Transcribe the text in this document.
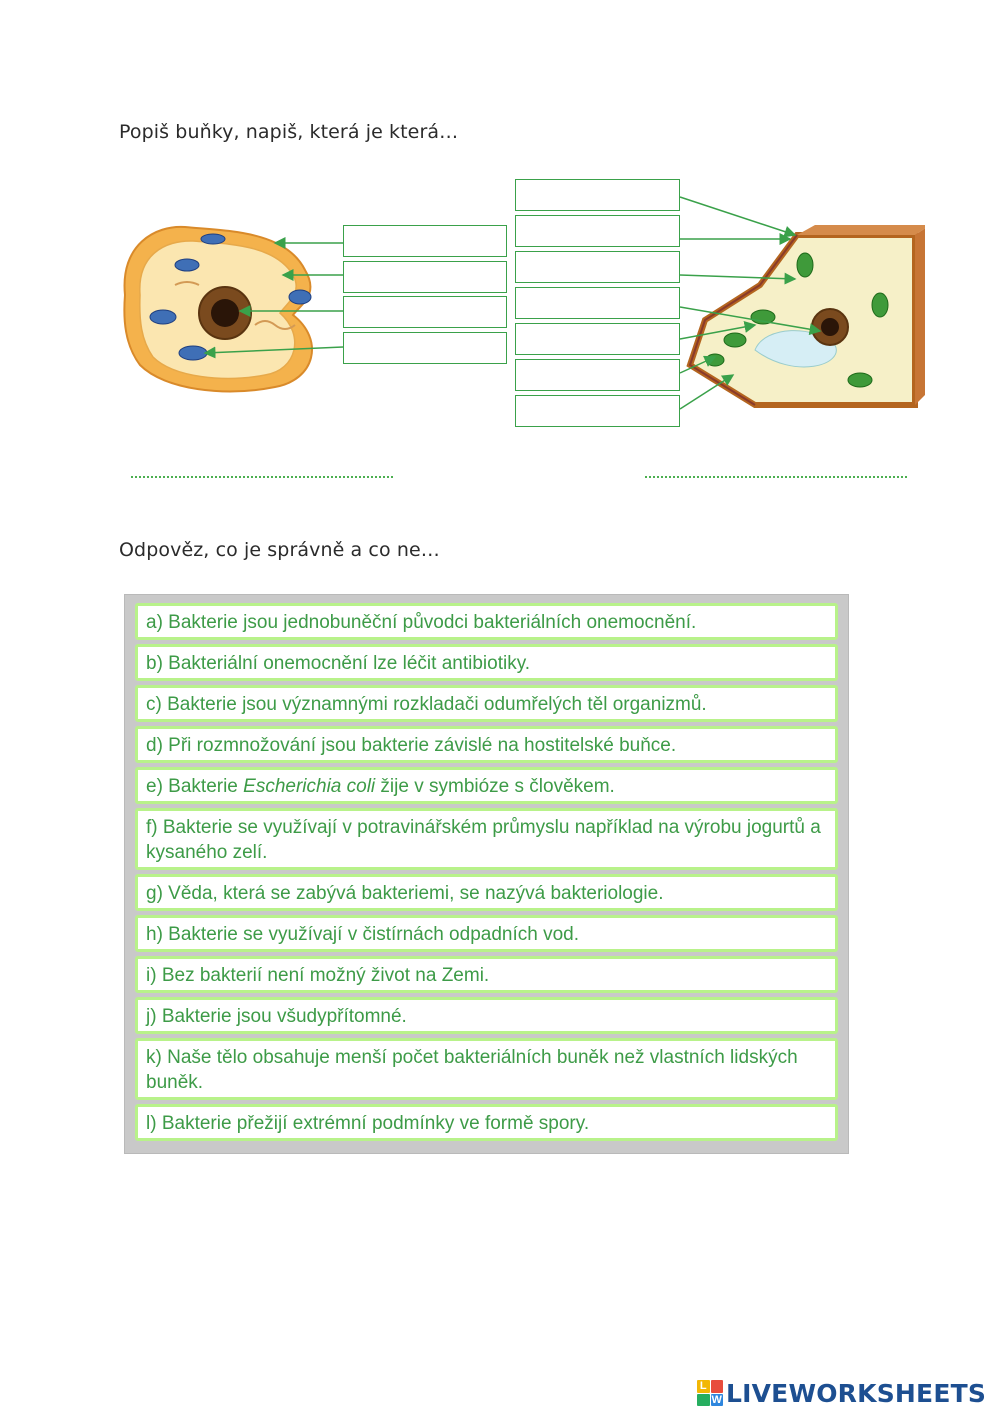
Popiš buňky, napiš, která je která…
Odpověz, co je správně a co ne…
a) Bakterie jsou jednobuněční původci bakteriálních onemocnění.
b) Bakteriální onemocnění lze léčit antibiotiky.
c) Bakterie jsou významnými rozkladači odumřelých těl organizmů.
d) Při rozmnožování jsou bakterie závislé na hostitelské buňce.
e) Bakterie Escherichia coli žije v symbióze s člověkem.
f) Bakterie se využívají v potravinářském průmyslu například na výrobu jogurtů a kysaného zelí.
g) Věda, která se zabývá bakteriemi, se nazývá bakteriologie.
h) Bakterie se využívají v čistírnách odpadních vod.
i) Bez bakterií není možný život na Zemi.
j) Bakterie jsou všudypřítomné.
k) Naše tělo obsahuje menší počet bakteriálních buněk než vlastních lidských buněk.
l) Bakterie přežijí extrémní podmínky ve formě spory.
L
W LIVEWORKSHEETS
